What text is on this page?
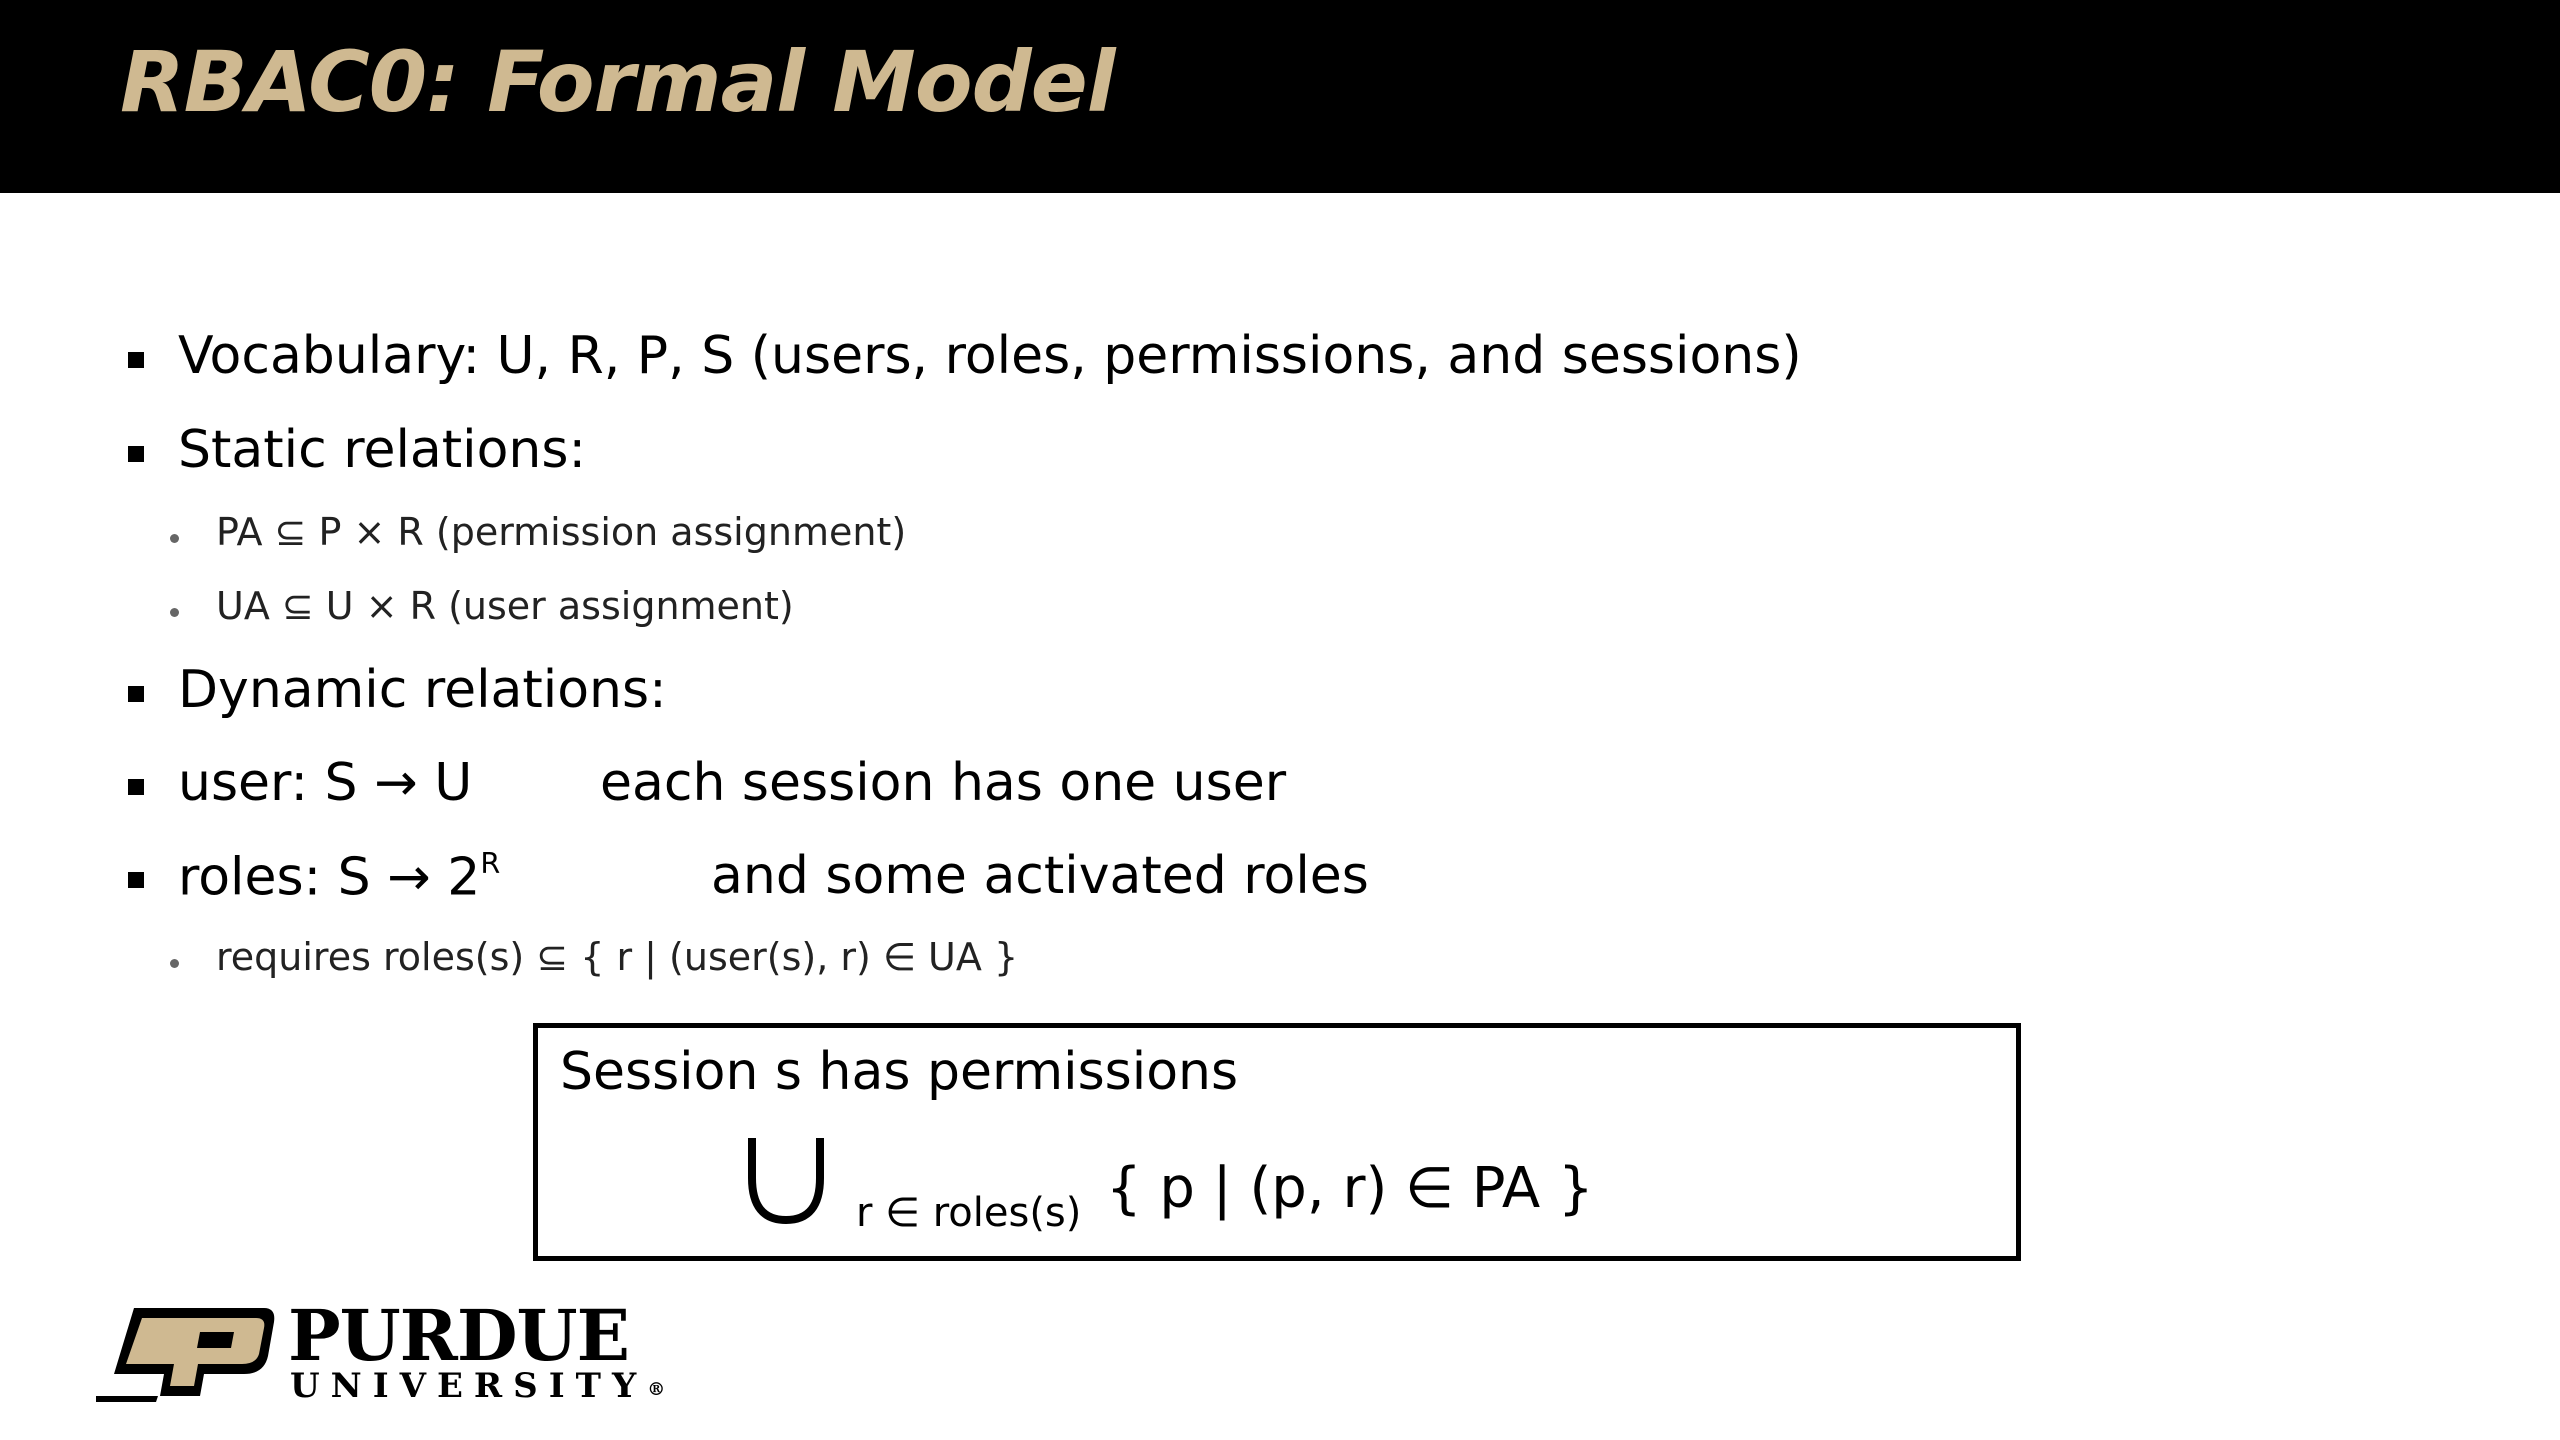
RBAC0: Formal Model
Vocabulary: U, R, P, S (users, roles, permissions, and sessions)
Static relations:
PA ⊆ P × R (permission assignment)
UA ⊆ U × R (user assignment)
Dynamic relations:
user: S → U each session has one user
roles: $S \to 2^R$	and some activated roles
requires roles(s) ⊆ { r | (user(s), r) ∈ UA }
Session s has permissions
r ∈ roles(s) { p | (p, r) ∈ PA }
PURDUE
UNIVERSITY®
